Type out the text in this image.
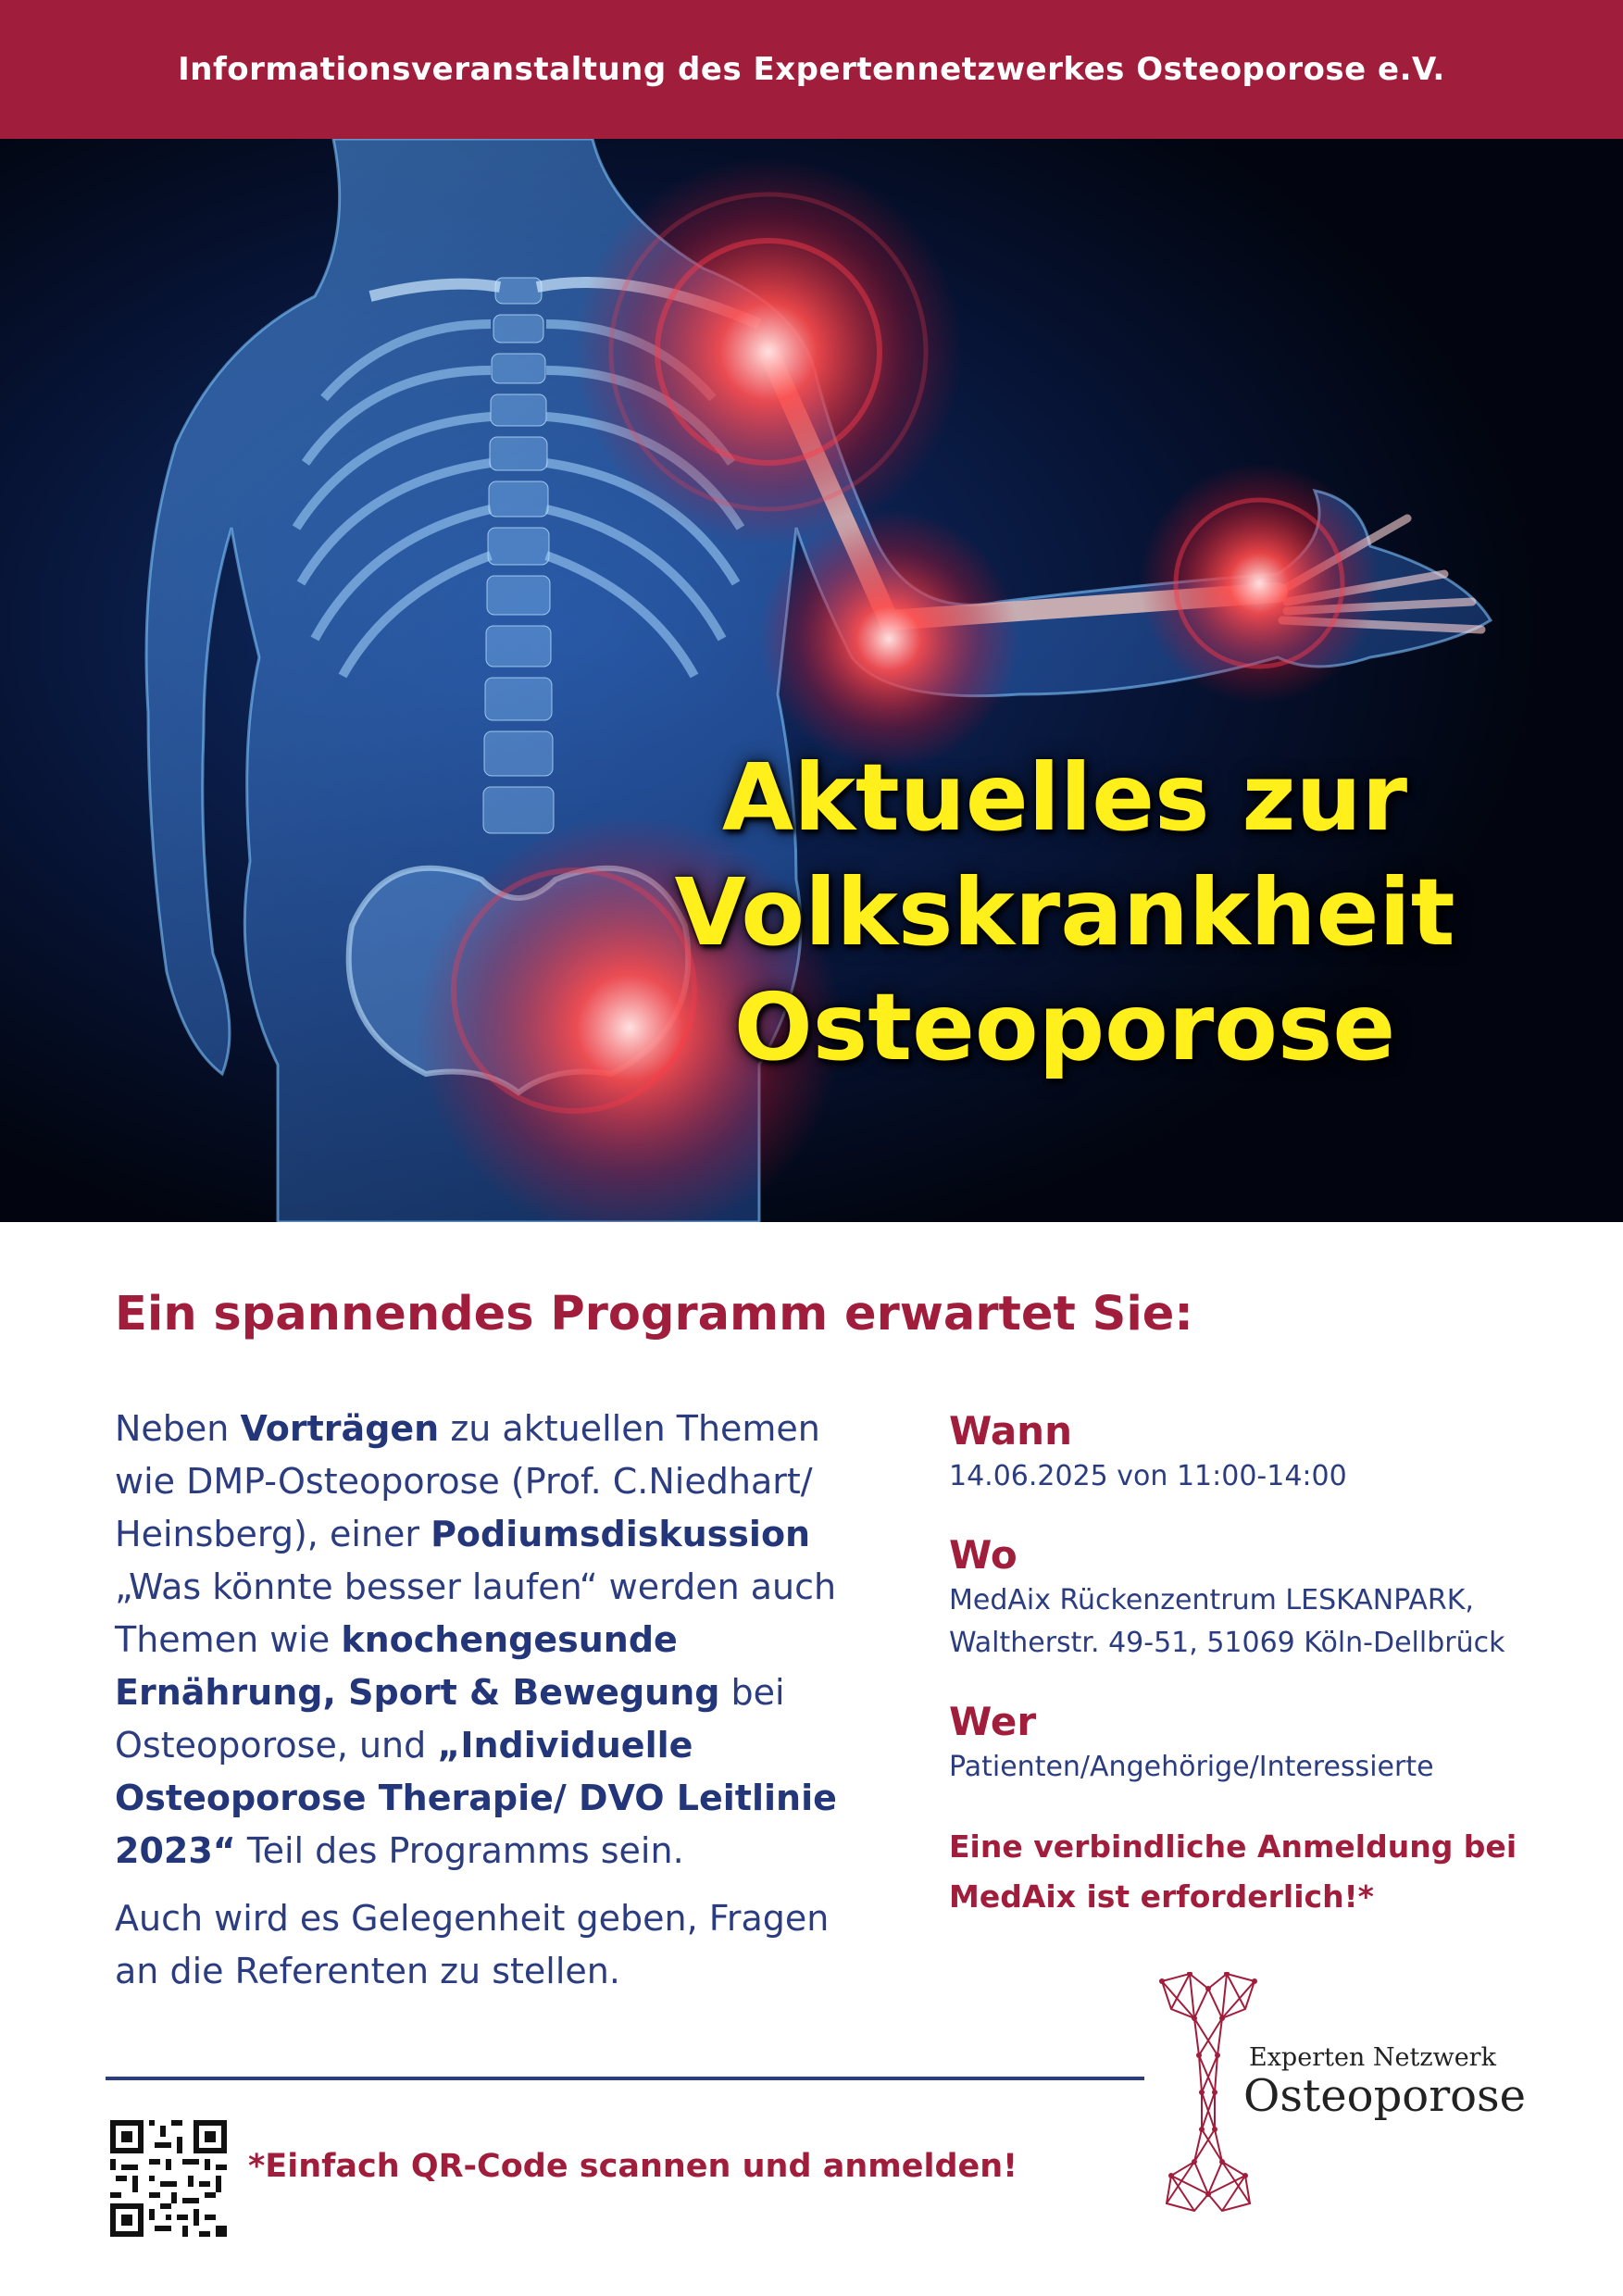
Informationsveranstaltung des Expertennetzwerkes Osteoporose e.V.
Aktuelles zur
Volkskrankheit
Osteoporose
Ein spannendes Programm erwartet Sie:

Neben Vorträgen zu aktuellen Themen wie DMP-Osteoporose (Prof. C.Niedhart/ Heinsberg), einer Podiumsdiskussion „Was könnte besser laufen“ werden auch Themen wie knochengesunde Ernährung, Sport & Bewegung bei Osteoporose, und „Individuelle Osteoporose Therapie/ DVO Leitlinie 2023“ Teil des Programms sein.

Auch wird es Gelegenheit geben, Fragen an die Referenten zu stellen.

Wann
14.06.2025 von 11:00-14:00
Wo
MedAix Rückenzentrum LESKANPARK,
Waltherstr. 49-51, 51069 Köln-Dellbrück
Wer
Patienten/Angehörige/Interessierte
Eine verbindliche Anmeldung bei
MedAix ist erforderlich!*
*Einfach QR-Code scannen und anmelden!
Experten Netzwerk
Osteoporose
